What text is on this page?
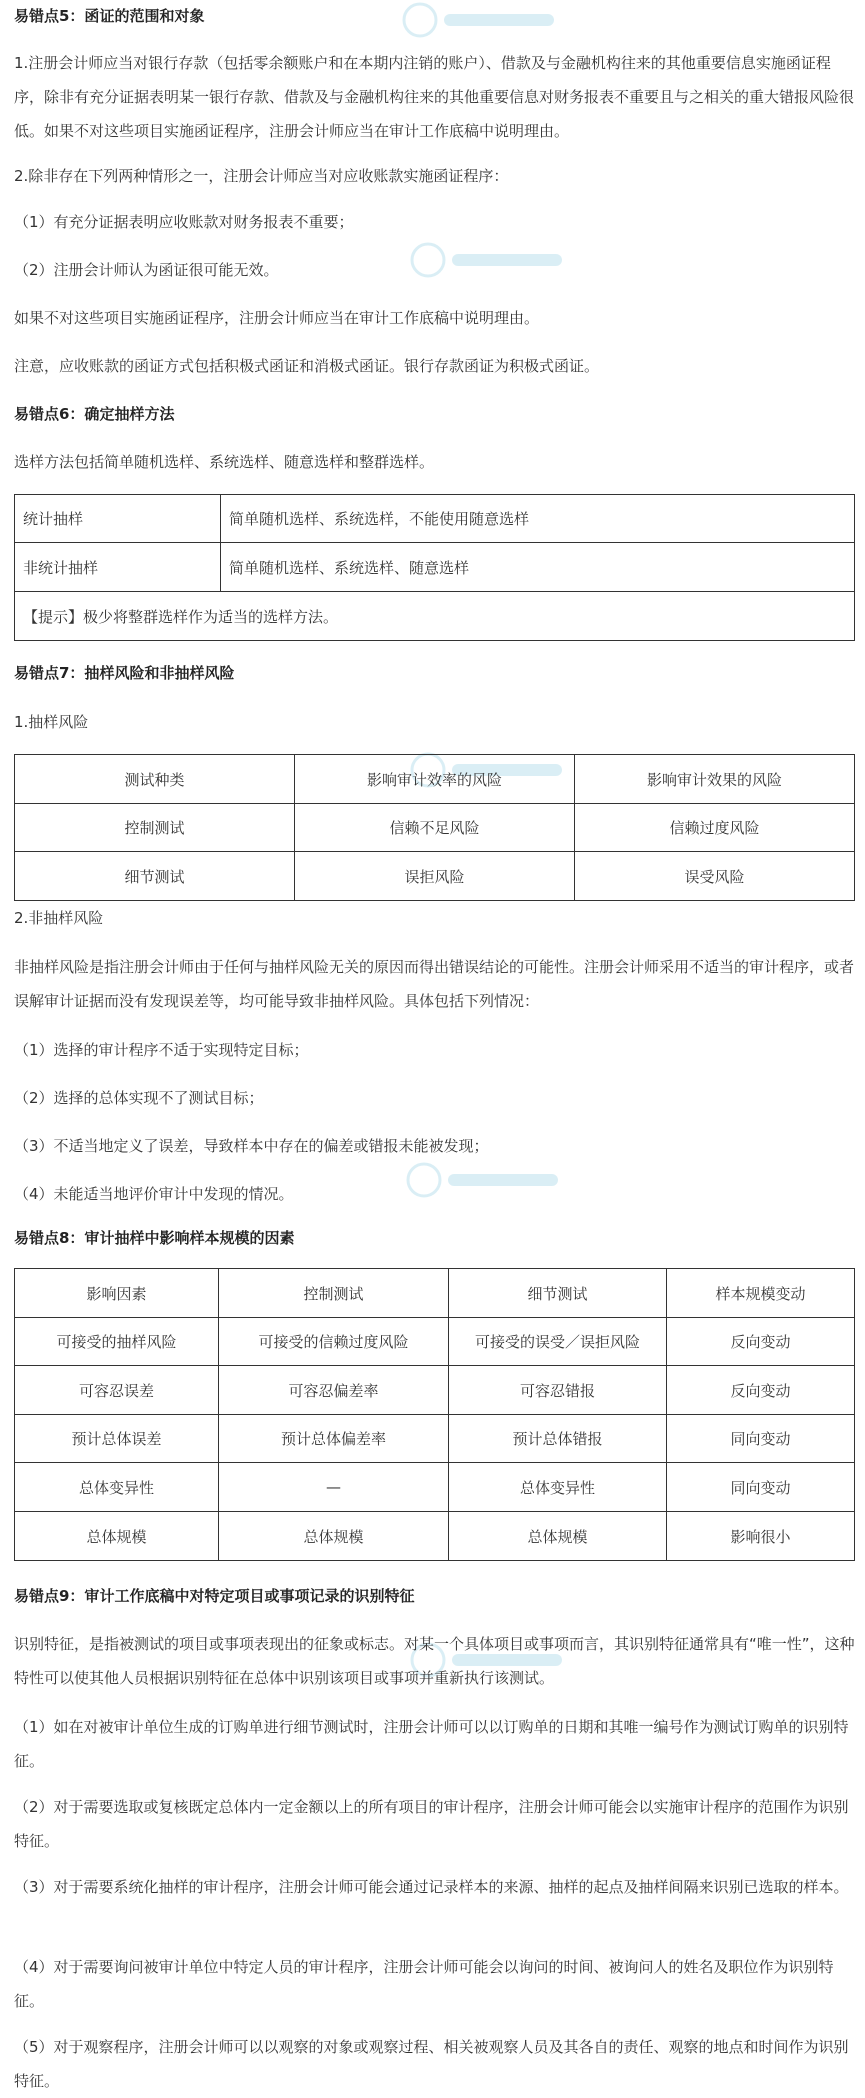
易错点5：函证的范围和对象

1.注册会计师应当对银行存款（包括零余额账户和在本期内注销的账户）、借款及与金融机构往来的其他重要信息实施函证程序，除非有充分证据表明某一银行存款、借款及与金融机构往来的其他重要信息对财务报表不重要且与之相关的重大错报风险很低。如果不对这些项目实施函证程序，注册会计师应当在审计工作底稿中说明理由。

2.除非存在下列两种情形之一，注册会计师应当对应收账款实施函证程序：

（1）有充分证据表明应收账款对财务报表不重要；

（2）注册会计师认为函证很可能无效。

如果不对这些项目实施函证程序，注册会计师应当在审计工作底稿中说明理由。

注意，应收账款的函证方式包括积极式函证和消极式函证。银行存款函证为积极式函证。

易错点6：确定抽样方法

选样方法包括简单随机选样、系统选样、随意选样和整群选样。

统计抽样	简单随机选样、系统选样，不能使用随意选样
非统计抽样	简单随机选样、系统选样、随意选样
【提示】极少将整群选样作为适当的选样方法。	

易错点7：抽样风险和非抽样风险

1.抽样风险

测试种类	影响审计效率的风险	影响审计效果的风险
控制测试	信赖不足风险	信赖过度风险
细节测试	误拒风险	误受风险

2.非抽样风险

非抽样风险是指注册会计师由于任何与抽样风险无关的原因而得出错误结论的可能性。注册会计师采用不适当的审计程序，或者误解审计证据而没有发现误差等，均可能导致非抽样风险。具体包括下列情况：

（1）选择的审计程序不适于实现特定目标；

（2）选择的总体实现不了测试目标；

（3）不适当地定义了误差，导致样本中存在的偏差或错报未能被发现；

（4）未能适当地评价审计中发现的情况。

易错点8：审计抽样中影响样本规模的因素

影响因素	控制测试	细节测试	样本规模变动
可接受的抽样风险	可接受的信赖过度风险	可接受的误受／误拒风险	反向变动
可容忍误差	可容忍偏差率	可容忍错报	反向变动
预计总体误差	预计总体偏差率	预计总体错报	同向变动
总体变异性	—	总体变异性	同向变动
总体规模	总体规模	总体规模	影响很小

易错点9：审计工作底稿中对特定项目或事项记录的识别特征

识别特征，是指被测试的项目或事项表现出的征象或标志。对某一个具体项目或事项而言，其识别特征通常具有“唯一性”，这种特性可以使其他人员根据识别特征在总体中识别该项目或事项并重新执行该测试。

（1）如在对被审计单位生成的订购单进行细节测试时，注册会计师可以以订购单的日期和其唯一编号作为测试订购单的识别特征。

（2）对于需要选取或复核既定总体内一定金额以上的所有项目的审计程序，注册会计师可能会以实施审计程序的范围作为识别特征。

（3）对于需要系统化抽样的审计程序，注册会计师可能会通过记录样本的来源、抽样的起点及抽样间隔来识别已选取的样本。

（4）对于需要询问被审计单位中特定人员的审计程序，注册会计师可能会以询问的时间、被询问人的姓名及职位作为识别特征。

（5）对于观察程序，注册会计师可以以观察的对象或观察过程、相关被观察人员及其各自的责任、观察的地点和时间作为识别特征。
